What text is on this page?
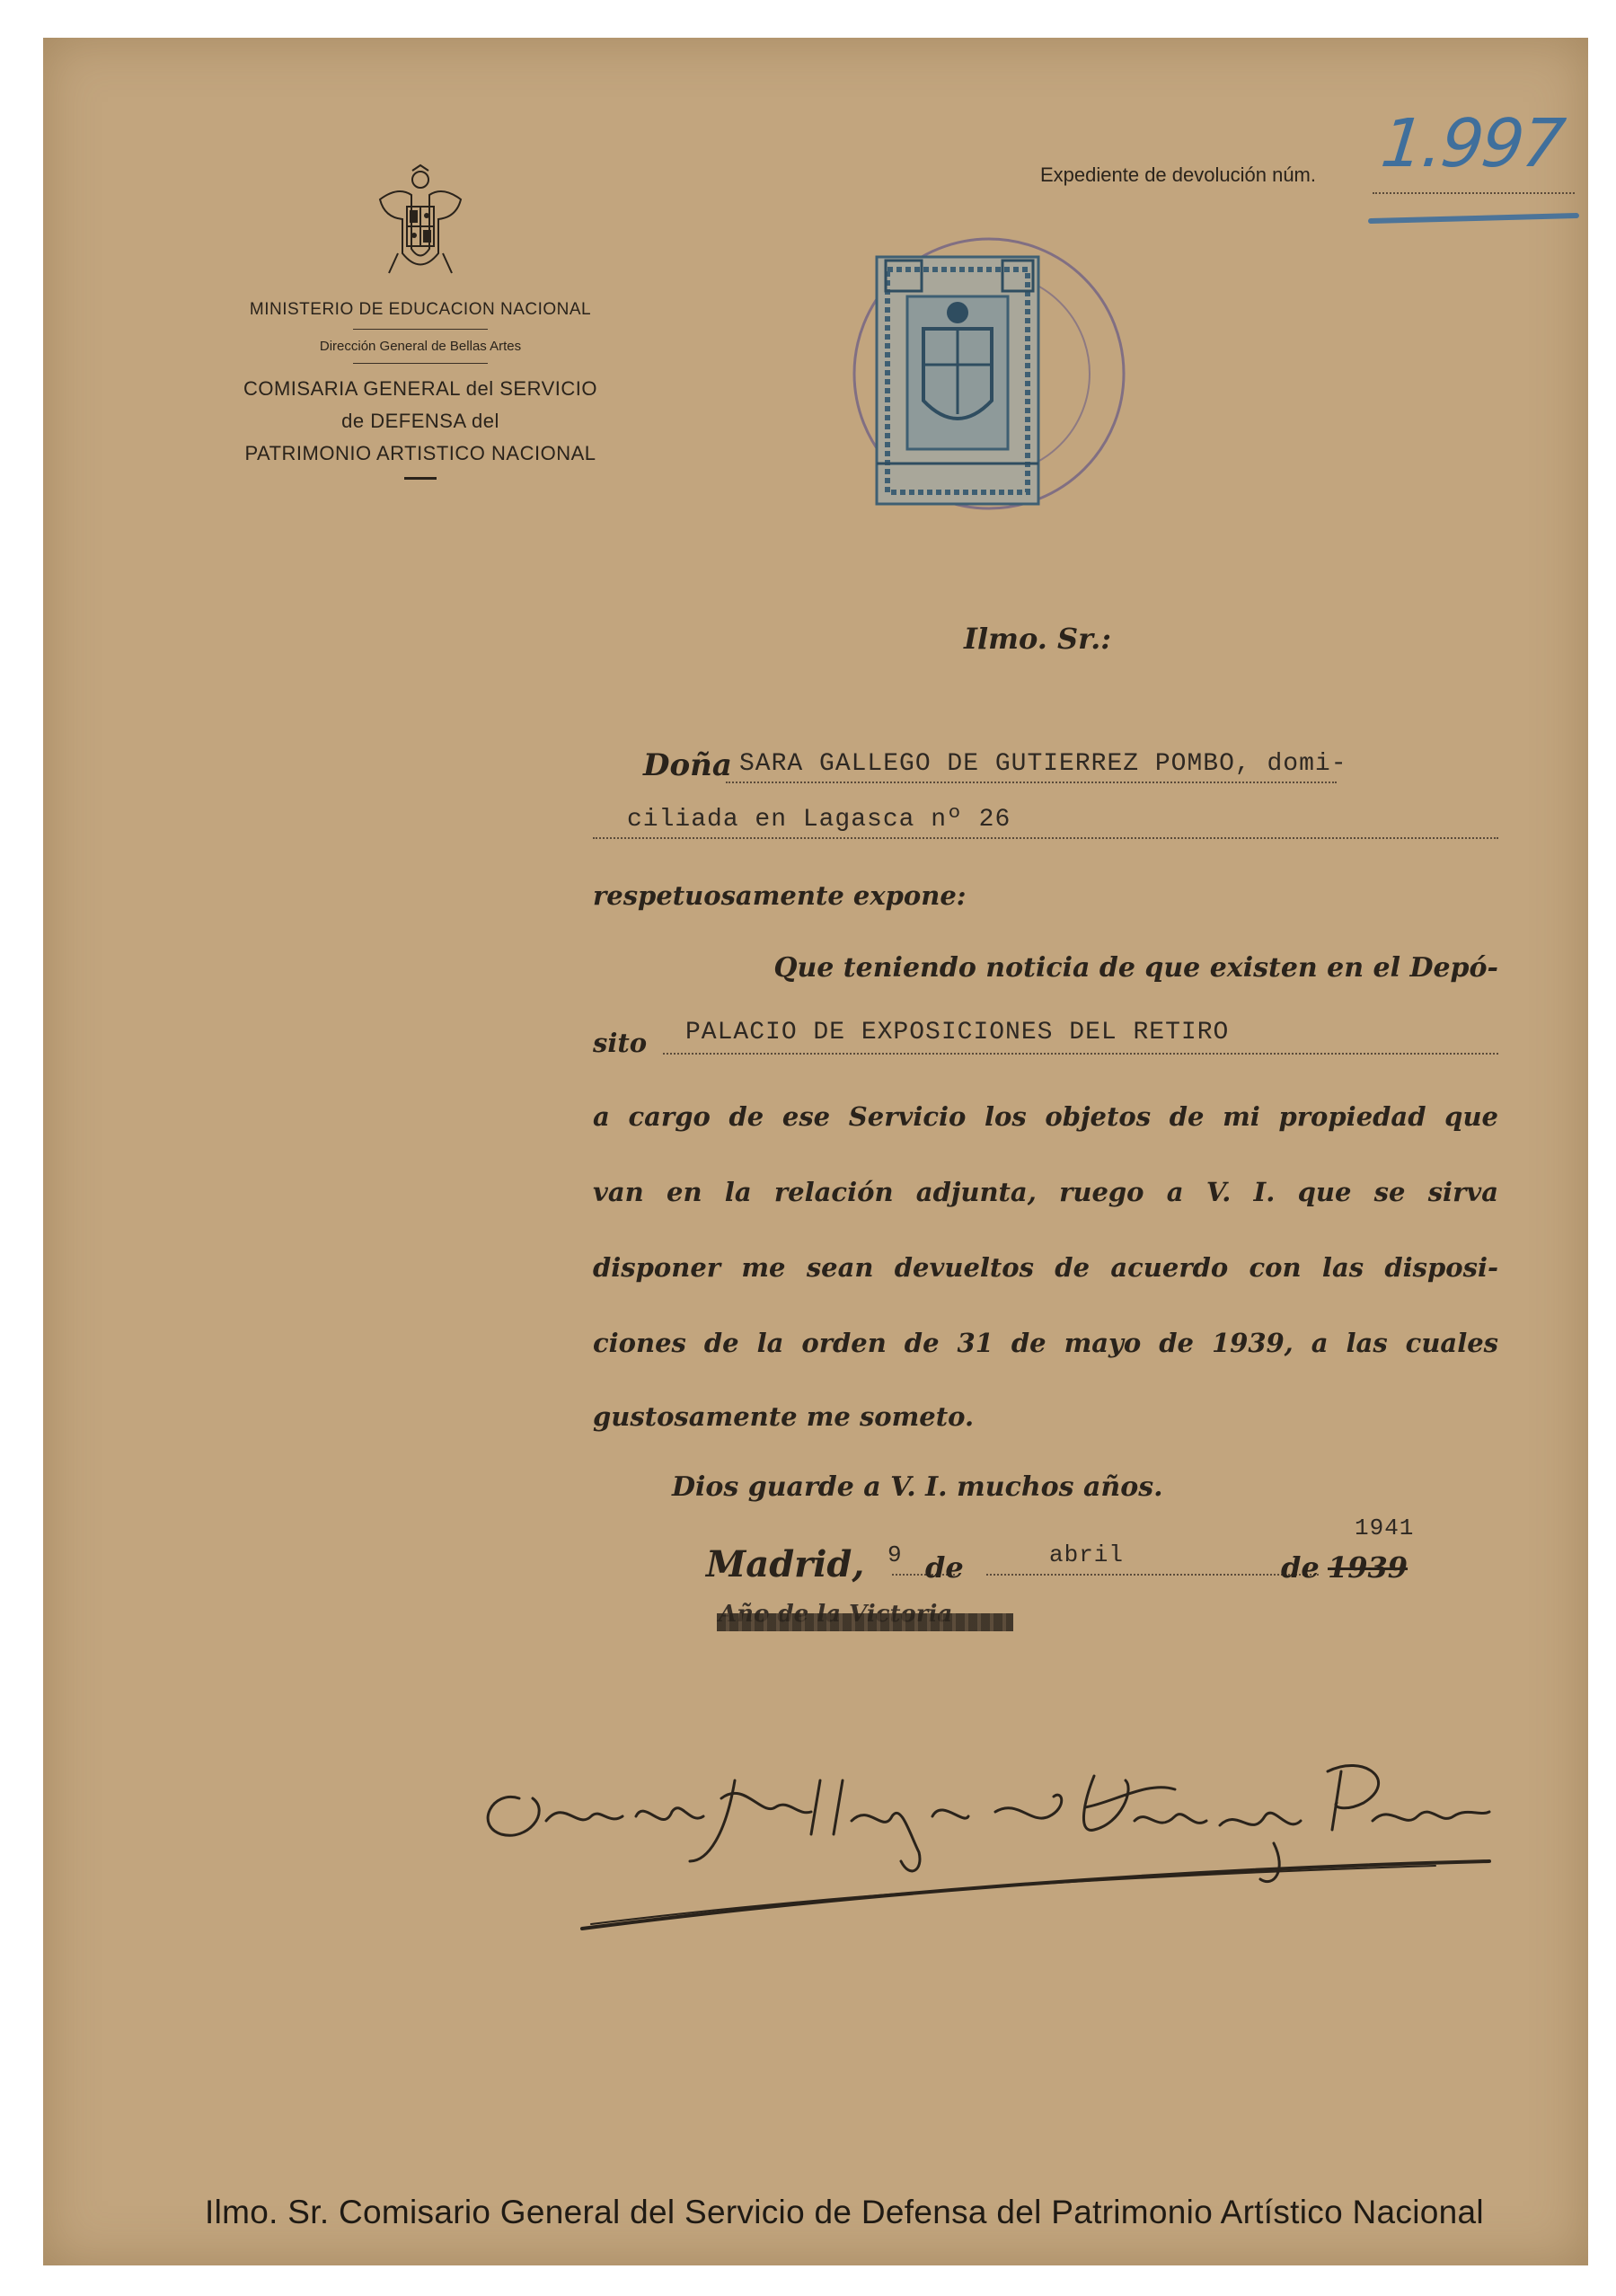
MINISTERIO DE EDUCACION NACIONAL
Dirección General de Bellas Artes
COMISARIA GENERAL del SERVICIO
de DEFENSA del
PATRIMONIO ARTISTICO NACIONAL
Expediente de devolución núm. 1.997
Ilmo. Sr.:
Doña SARA GALLEGO DE GUTIERREZ POMBO, domi-
ciliada en Lagasca nº 26
respetuosamente expone:
Que teniendo noticia de que existen en el Depó-
sito PALACIO DE EXPOSICIONES DEL RETIRO
a cargo de ese Servicio los objetos de mi propiedad que
van en la relación adjunta, ruego a V. I. que se sirva
disponer me sean devueltos de acuerdo con las disposi-
ciones de la orden de 31 de mayo de 1939, a las cuales
gustosamente me someto.
Dios guarde a V. I. muchos años.
Madrid, 9 de	abril	de
1941
1939
Ilmo. Sr. Comisario General del Servicio de Defensa del Patrimonio Artístico Nacional
